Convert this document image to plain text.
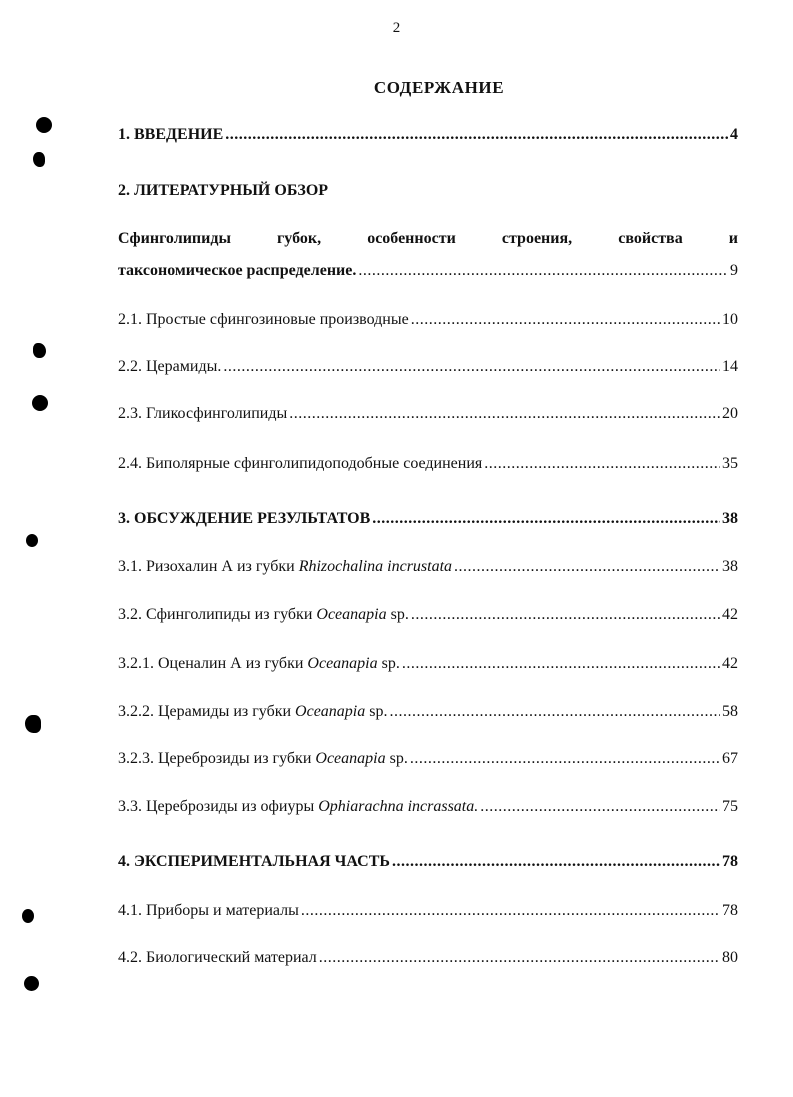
2
СОДЕРЖАНИЕ
1. ВВЕДЕНИЕ .....	4
2. ЛИТЕРАТУРНЫЙ ОБЗОР
Сфинголипиды	губок,	особенности	строения,	свойства	и
таксономическое распределение. .....	9
2.1. Простые сфингозиновые производные .....	10
2.2. Церамиды. .....	14
2.3. Гликосфинголипиды .....	20
2.4. Биполярные сфинголипидоподобные соединения .....	35
3. ОБСУЖДЕНИЕ РЕЗУЛЬТАТОВ .....	38
3.1. Ризохалин А из губки Rhizochalina incrustata .....	38
3.2. Сфинголипиды из губки Oceanapia sp. .....	42
3.2.1. Оценалин А из губки Oceanapia sp. .....	42
3.2.2. Церамиды из губки Oceanapia sp. .....	58
3.2.3. Цереброзиды из губки Oceanapia sp. .....	67
3.3. Цереброзиды из офиуры Ophiarachna incrassata. .....	75
4. ЭКСПЕРИМЕНТАЛЬНАЯ ЧАСТЬ .....	78
4.1. Приборы и материалы .....	78
4.2. Биологический материал .....	80
